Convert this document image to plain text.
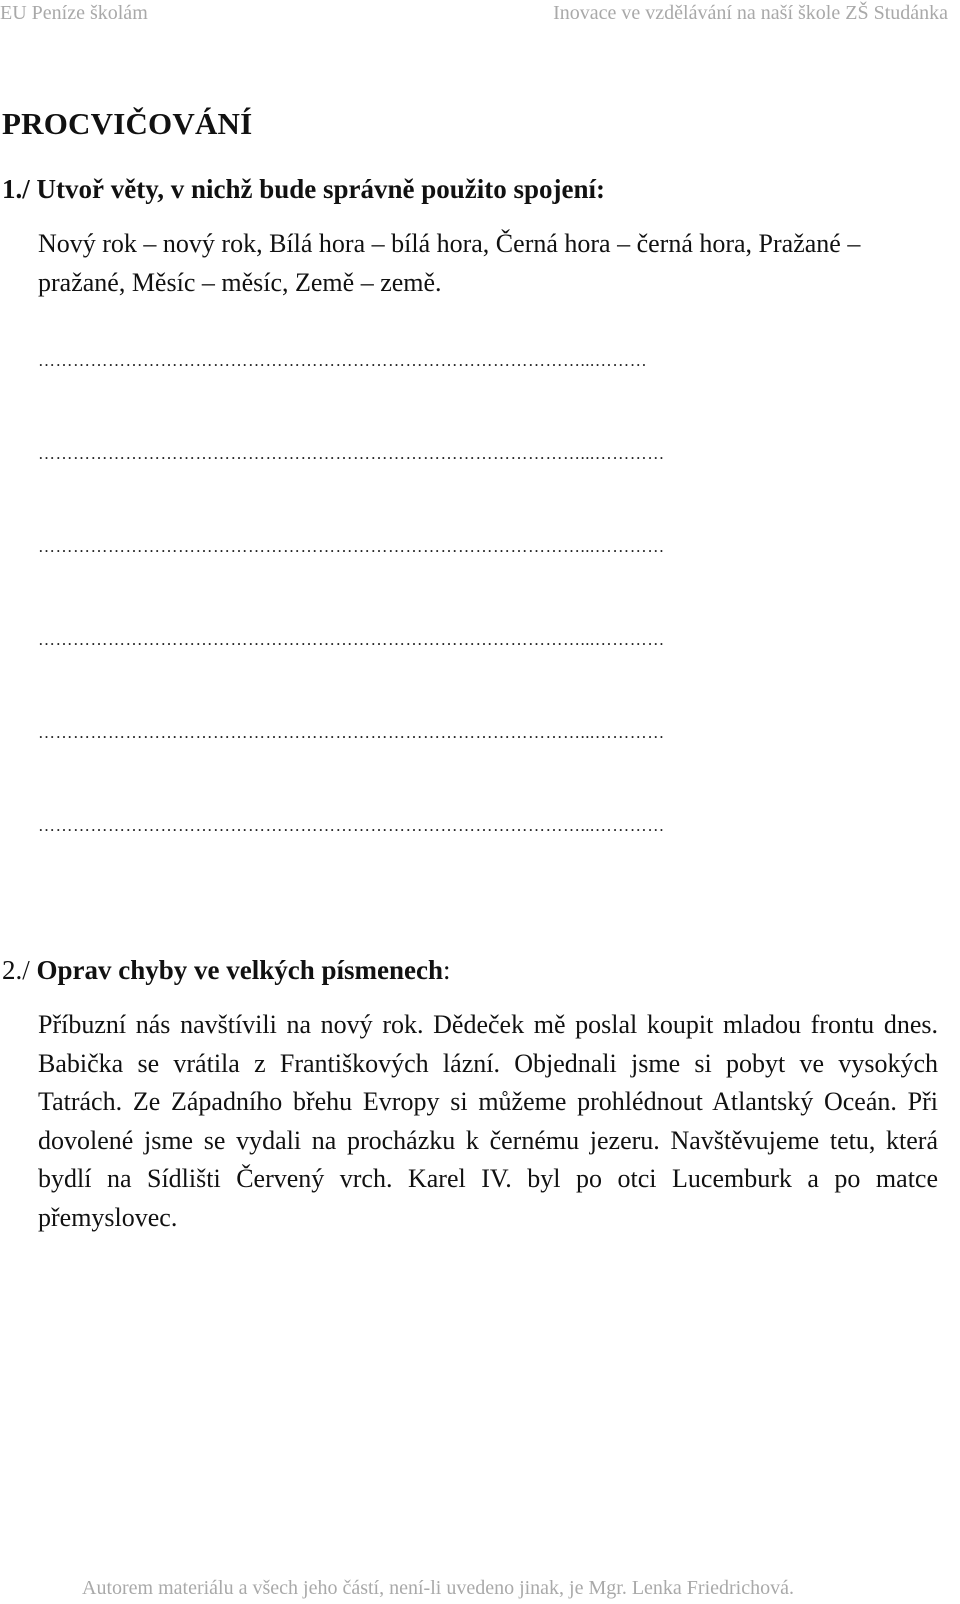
EU Peníze školám	Inovace ve vzdělávání na naší škole ZŠ Studánka
PROCVIČOVÁNÍ
1./ Utvoř věty, v nichž bude správně použito spojení:

Nový rok – nový rok, Bílá hora – bílá hora, Černá hora – černá hora, Pražané – pražané, Měsíc – měsíc, Země – země.

…………………………………………………………………………………...………
…………………………………………………………………………………...…………
…………………………………………………………………………………...…………
…………………………………………………………………………………...…………
…………………………………………………………………………………...…………
…………………………………………………………………………………...…………
2./ Oprav chyby ve velkých písmenech:

Příbuzní nás navštívili na nový rok. Dědeček mě poslal koupit mladou frontu dnes. Babička se vrátila z Františkových lázní. Objednali jsme si pobyt ve vysokých Tatrách. Ze Západního břehu Evropy si můžeme prohlédnout Atlantský Oceán. Při dovolené jsme se vydali na procházku k černému jezeru. Navštěvujeme tetu, která bydlí na Sídlišti Červený vrch. Karel IV. byl po otci Lucemburk a po matce přemyslovec.

Autorem materiálu a všech jeho částí, není-li uvedeno jinak, je Mgr. Lenka Friedrichová.
